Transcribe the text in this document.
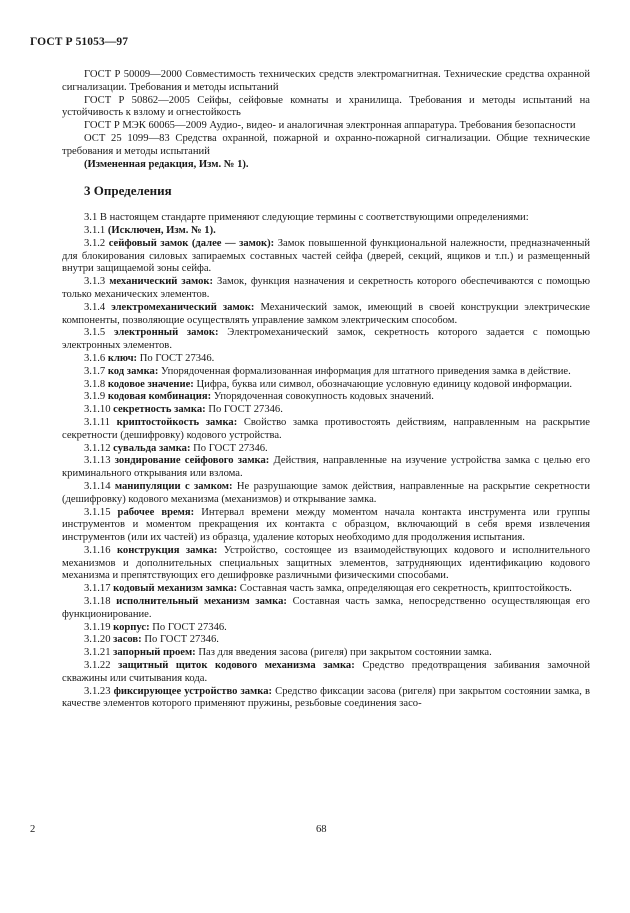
ГОСТ Р 51053—97

ГОСТ Р 50009—2000 Совместимость технических средств электромагнитная. Технические средства охранной сигнализации. Требования и методы испытаний

ГОСТ Р 50862—2005 Сейфы, сейфовые комнаты и хранилища. Требования и методы испытаний на устойчивость к взлому и огнестойкость

ГОСТ Р МЭК 60065—2009 Аудио-, видео- и аналогичная электронная аппаратура. Требования безопасности

ОСТ 25 1099—83 Средства охранной, пожарной и охранно-пожарной сигнализации. Общие технические требования и методы испытаний

(Измененная редакция, Изм. № 1).

3 Определения

3.1 В настоящем стандарте применяют следующие термины с соответствующими определениями:

3.1.1 (Исключен, Изм. № 1).

3.1.2 сейфовый замок (далее — замок): Замок повышенной функциональной належности, предназначенный для блокирования силовых запираемых составных частей сейфа (дверей, секций, ящиков и т.п.) и размещенный внутри защищаемой зоны сейфа.

3.1.3 механический замок: Замок, функция назначения и секретность которого обеспечиваются с помощью только механических элементов.

3.1.4 электромеханический замок: Механический замок, имеющий в своей конструкции электрические компоненты, позволяющие осуществлять управление замком электрическим способом.

3.1.5 электронный замок: Электромеханический замок, секретность которого задается с помощью электронных элементов.

3.1.6 ключ: По ГОСТ 27346.

3.1.7 код замка: Упорядоченная формализованная информация для штатного приведения замка в действие.

3.1.8 кодовое значение: Цифра, буква или символ, обозначающие условную единицу кодовой информации.

3.1.9 кодовая комбинация: Упорядоченная совокупность кодовых значений.

3.1.10 секретность замка: По ГОСТ 27346.

3.1.11 криптостойкость замка: Свойство замка противостоять действиям, направленным на раскрытие секретности (дешифровку) кодового устройства.

3.1.12 сувальда замка: По ГОСТ 27346.

3.1.13 зондирование сейфового замка: Действия, направленные на изучение устройства замка с целью его криминального открывания или взлома.

3.1.14 манипуляции с замком: Не разрушающие замок действия, направленные на раскрытие секретности (дешифровку) кодового механизма (механизмов) и открывание замка.

3.1.15 рабочее время: Интервал времени между моментом начала контакта инструмента или группы инструментов и моментом прекращения их контакта с образцом, включающий в себя время извлечения инструментов (или их частей) из образца, удаление которых необходимо для продолжения испытания.

3.1.16 конструкция замка: Устройство, состоящее из взаимодействующих кодового и исполнительного механизмов и дополнительных специальных защитных элементов, затрудняющих идентификацию кодового механизма и препятствующих его дешифровке различными физическими способами.

3.1.17 кодовый механизм замка: Составная часть замка, определяющая его секретность, криптостойкость.

3.1.18 исполнительный механизм замка: Составная часть замка, непосредственно осуществляющая его функционирование.

3.1.19 корпус: По ГОСТ 27346.

3.1.20 засов: По ГОСТ 27346.

3.1.21 запорный проем: Паз для введения засова (ригеля) при закрытом состоянии замка.

3.1.22 защитный щиток кодового механизма замка: Средство предотвращения забивания замочной скважины или считывания кода.

3.1.23 фиксирующее устройство замка: Средство фиксации засова (ригеля) при закрытом состоянии замка, в качестве элементов которого применяют пружины, резьбовые соединения засо-

2	68
